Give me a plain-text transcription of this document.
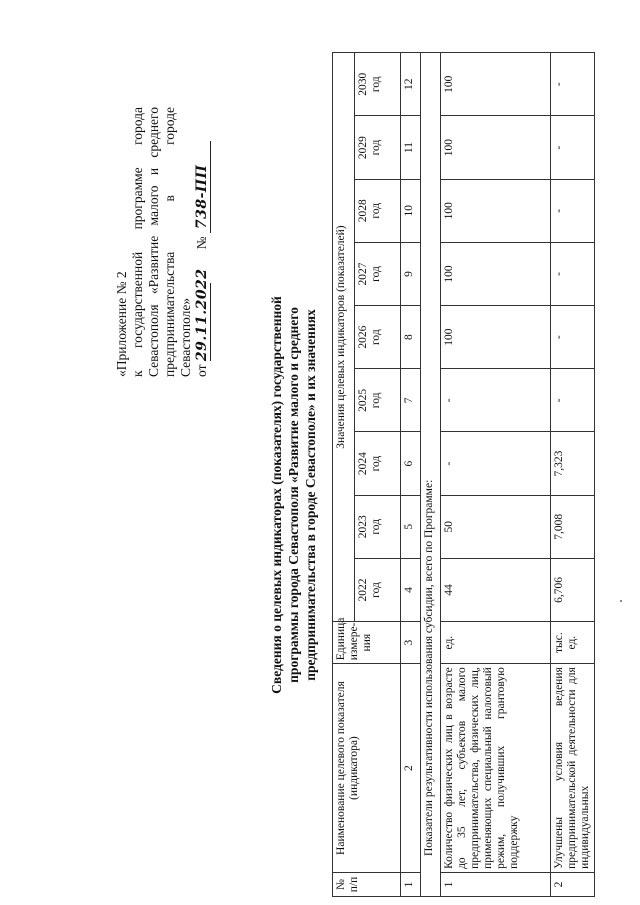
«Приложение № 2 к государственной программе города Севастополя «Развитие малого и среднего предпринимательства в городе Севастополе» от 29.11.2022          № 738-ПП
Сведения о целевых индикаторах (показателях) государственной программы города Севастополя «Развитие малого и среднего предпринимательства в городе Севастополе» и их значениях
№ п/п	Наименование целевого показателя (индикатора)	Единица измере-ния	Значения целевых индикаторов (показателей)								

			2022 год	2023 год	2024 год	2025 год	2026 год	2027 год	2028 год	2029 год	2030 год

1	2	3	4	5	6	7	8	9	10	11	12
Показатели результативности использования субсидии, всего по Программе:											
1	Количество физических лиц в возрасте до 35 лет, субъектов малого предпринимательства, физических лиц, применяющих специальный налоговый режим, получивших грантовую поддержку	ед.	44	50	-	-	100	100	100	100	100
2	Улучшены условия ведения предпринимательской деятельности для индивидуальных	тыс. ед.	6,706	7,008	7,323	-	-	-	-	-	-
